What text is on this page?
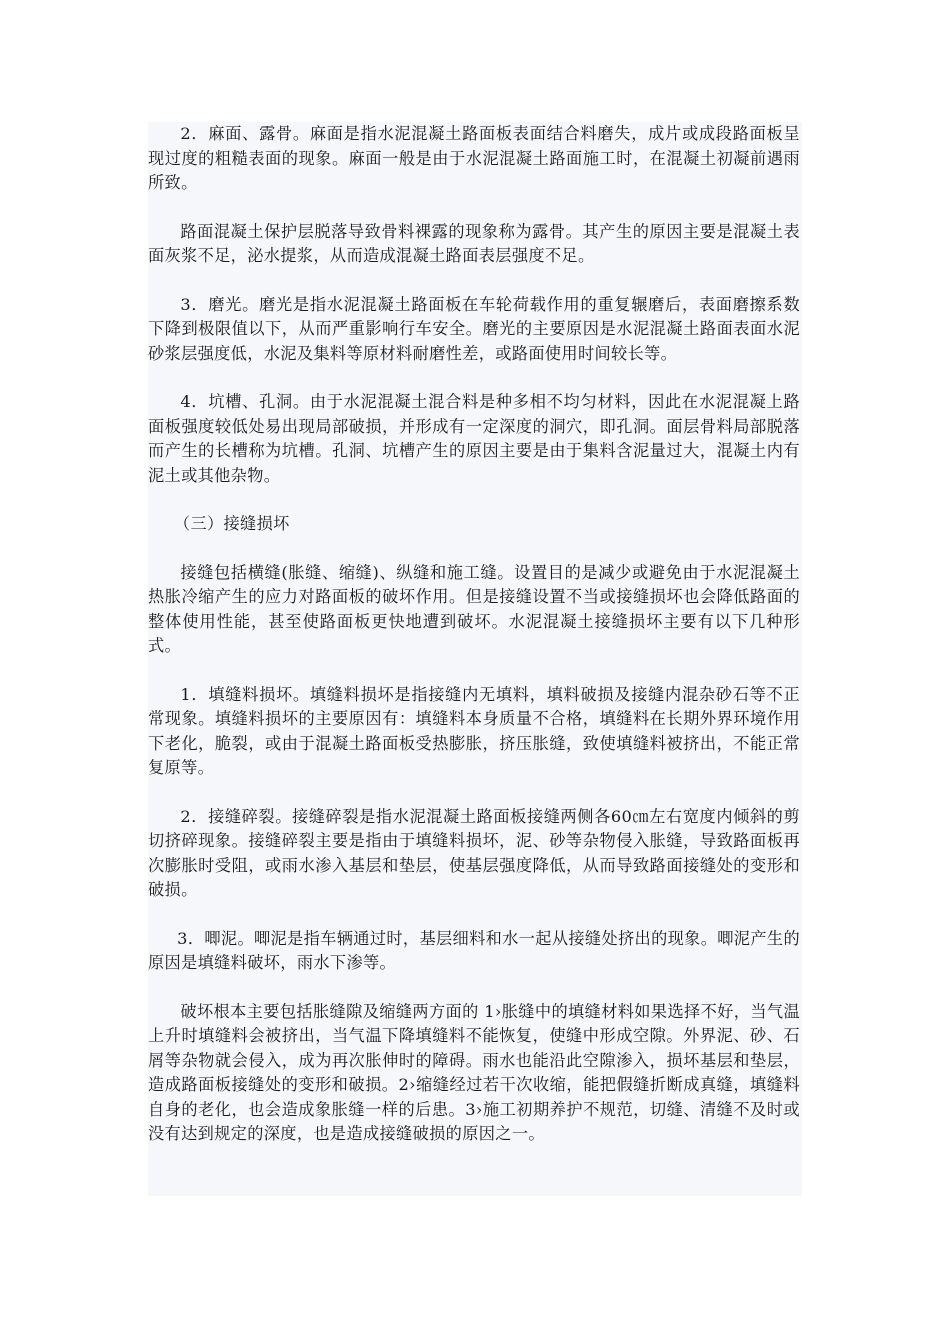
2．麻面、露骨。麻面是指水泥混凝土路面板表面结合料磨失，成片或成段路面板呈现过度的粗糙表面的现象。麻面一般是由于水泥混凝土路面施工时，在混凝土初凝前遇雨所致。

路面混凝土保护层脱落导致骨料裸露的现象称为露骨。其产生的原因主要是混凝土表面灰浆不足，泌水提浆，从而造成混凝土路面表层强度不足。

3．磨光。磨光是指水泥混凝土路面板在车轮荷载作用的重复辗磨后，表面磨擦系数下降到极限值以下，从而严重影响行车安全。磨光的主要原因是水泥混凝土路面表面水泥砂浆层强度低，水泥及集料等原材料耐磨性差，或路面使用时间较长等。

4．坑槽、孔洞。由于水泥混凝土混合料是种多相不均匀材料，因此在水泥混凝上路面板强度较低处易出现局部破损，并形成有一定深度的洞穴，即孔洞。面层骨料局部脱落而产生的长槽称为坑槽。孔洞、坑槽产生的原因主要是由于集料含泥量过大，混凝土内有泥土或其他杂物。

（三）接缝损坏

接缝包括横缝(胀缝、缩缝)、纵缝和施工缝。设置目的是减少或避免由于水泥混凝土热胀冷缩产生的应力对路面板的破坏作用。但是接缝设置不当或接缝损坏也会降低路面的整体使用性能，甚至使路面板更快地遭到破坏。水泥混凝土接缝损坏主要有以下几种形式。

1．填缝料损坏。填缝料损坏是指接缝内无填料，填料破损及接缝内混杂砂石等不正常现象。填缝料损坏的主要原因有：填缝料本身质量不合格，填缝料在长期外界环境作用下老化，脆裂，或由于混凝土路面板受热膨胀，挤压胀缝，致使填缝料被挤出，不能正常复原等。

2．接缝碎裂。接缝碎裂是指水泥混凝土路面板接缝两侧各60㎝左右宽度内倾斜的剪切挤碎现象。接缝碎裂主要是指由于填缝料损坏，泥、砂等杂物侵入胀缝，导致路面板再次膨胀时受阻，或雨水渗入基层和垫层，使基层强度降低，从而导致路面接缝处的变形和破损。

3．唧泥。唧泥是指车辆通过时，基层细料和水一起从接缝处挤出的现象。唧泥产生的原因是填缝料破坏，雨水下渗等。

破坏根本主要包括胀缝隙及缩缝两方面的 1›胀缝中的填缝材料如果选择不好，当气温上升时填缝料会被挤出，当气温下降填缝料不能恢复，使缝中形成空隙。外界泥、砂、石屑等杂物就会侵入，成为再次胀伸时的障碍。雨水也能沿此空隙渗入，损坏基层和垫层，造成路面板接缝处的变形和破损。2›缩缝经过若干次收缩，能把假缝折断成真缝，填缝料自身的老化，也会造成象胀缝一样的后患。3›施工初期养护不规范，切缝、清缝不及时或没有达到规定的深度，也是造成接缝破损的原因之一。
